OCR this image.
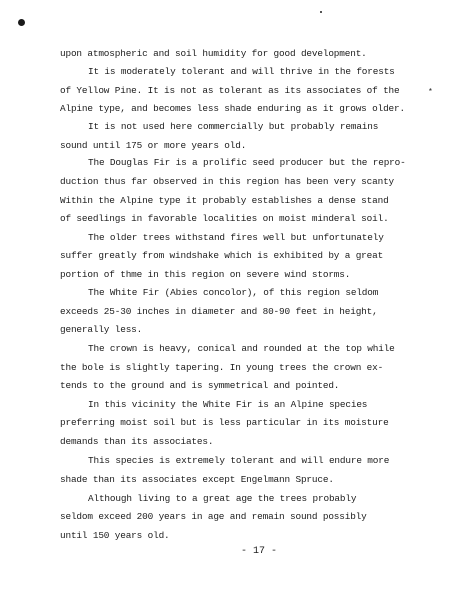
*
upon atmospheric and soil humidity for good development.
It is moderately tolerant and will thrive in the forests
of Yellow Pine. It is not as tolerant as its associates of the
Alpine type, and becomes less shade enduring as it grows older.
It is not used here commercially but probably remains
sound until 175 or more years old.
The Douglas Fir is a prolific seed producer but the repro-
duction thus far observed in this region has been very scanty
Within the Alpine type it probably establishes a dense stand
of seedlings in favorable localities on moist minderal soil.
The older trees withstand fires well but unfortunately
suffer greatly from windshake which is exhibited by a great
portion of thme in this region on severe wind storms.
The White Fir (Abies concolor), of this region seldom
exceeds 25-30 inches in diameter and 80-90 feet in height,
generally less.
The crown is heavy, conical and rounded at the top while
the bole is slightly tapering. In young trees the crown ex-
tends to the ground and is symmetrical and pointed.
In this vicinity the White Fir is an Alpine species
preferring moist soil but is less particular in its moisture
demands than its associates.
This species is extremely tolerant and will endure more
shade than its associates except Engelmann Spruce.
Although living to a great age the trees probably
seldom exceed 200 years in age and remain sound possibly
until 150 years old.
- 17 -
